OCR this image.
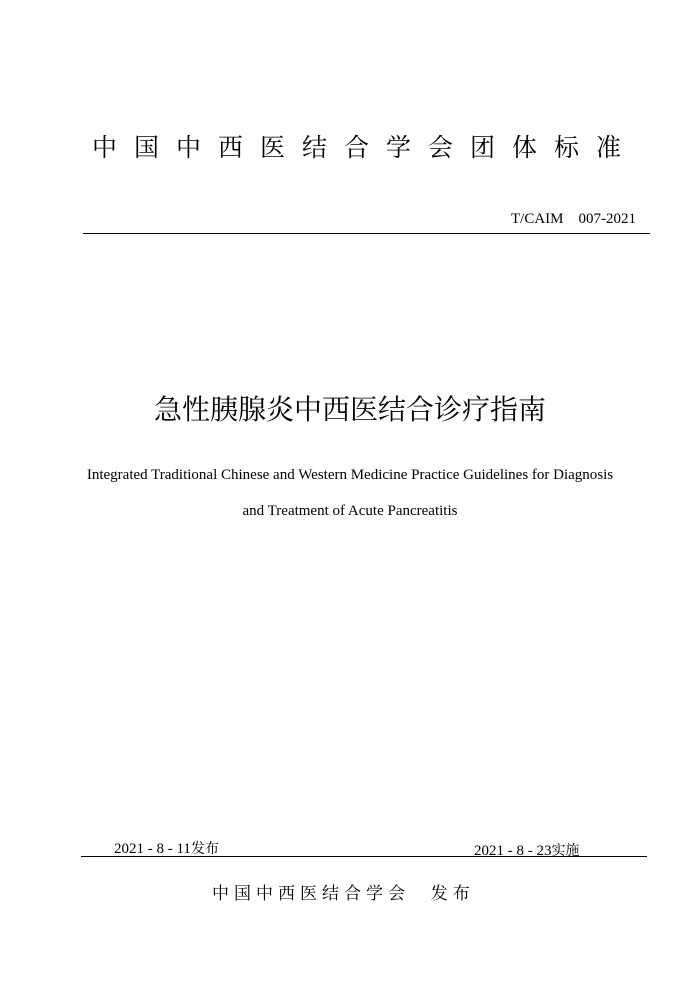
中国中西医结合学会团体标准
T/CAIM    007-2021
急性胰腺炎中西医结合诊疗指南
Integrated Traditional Chinese and Western Medicine Practice Guidelines for Diagnosis
and Treatment of Acute Pancreatitis
2021 - 8 - 11发布	2021 - 8 - 23实施
中国中西医结合学会  发布
